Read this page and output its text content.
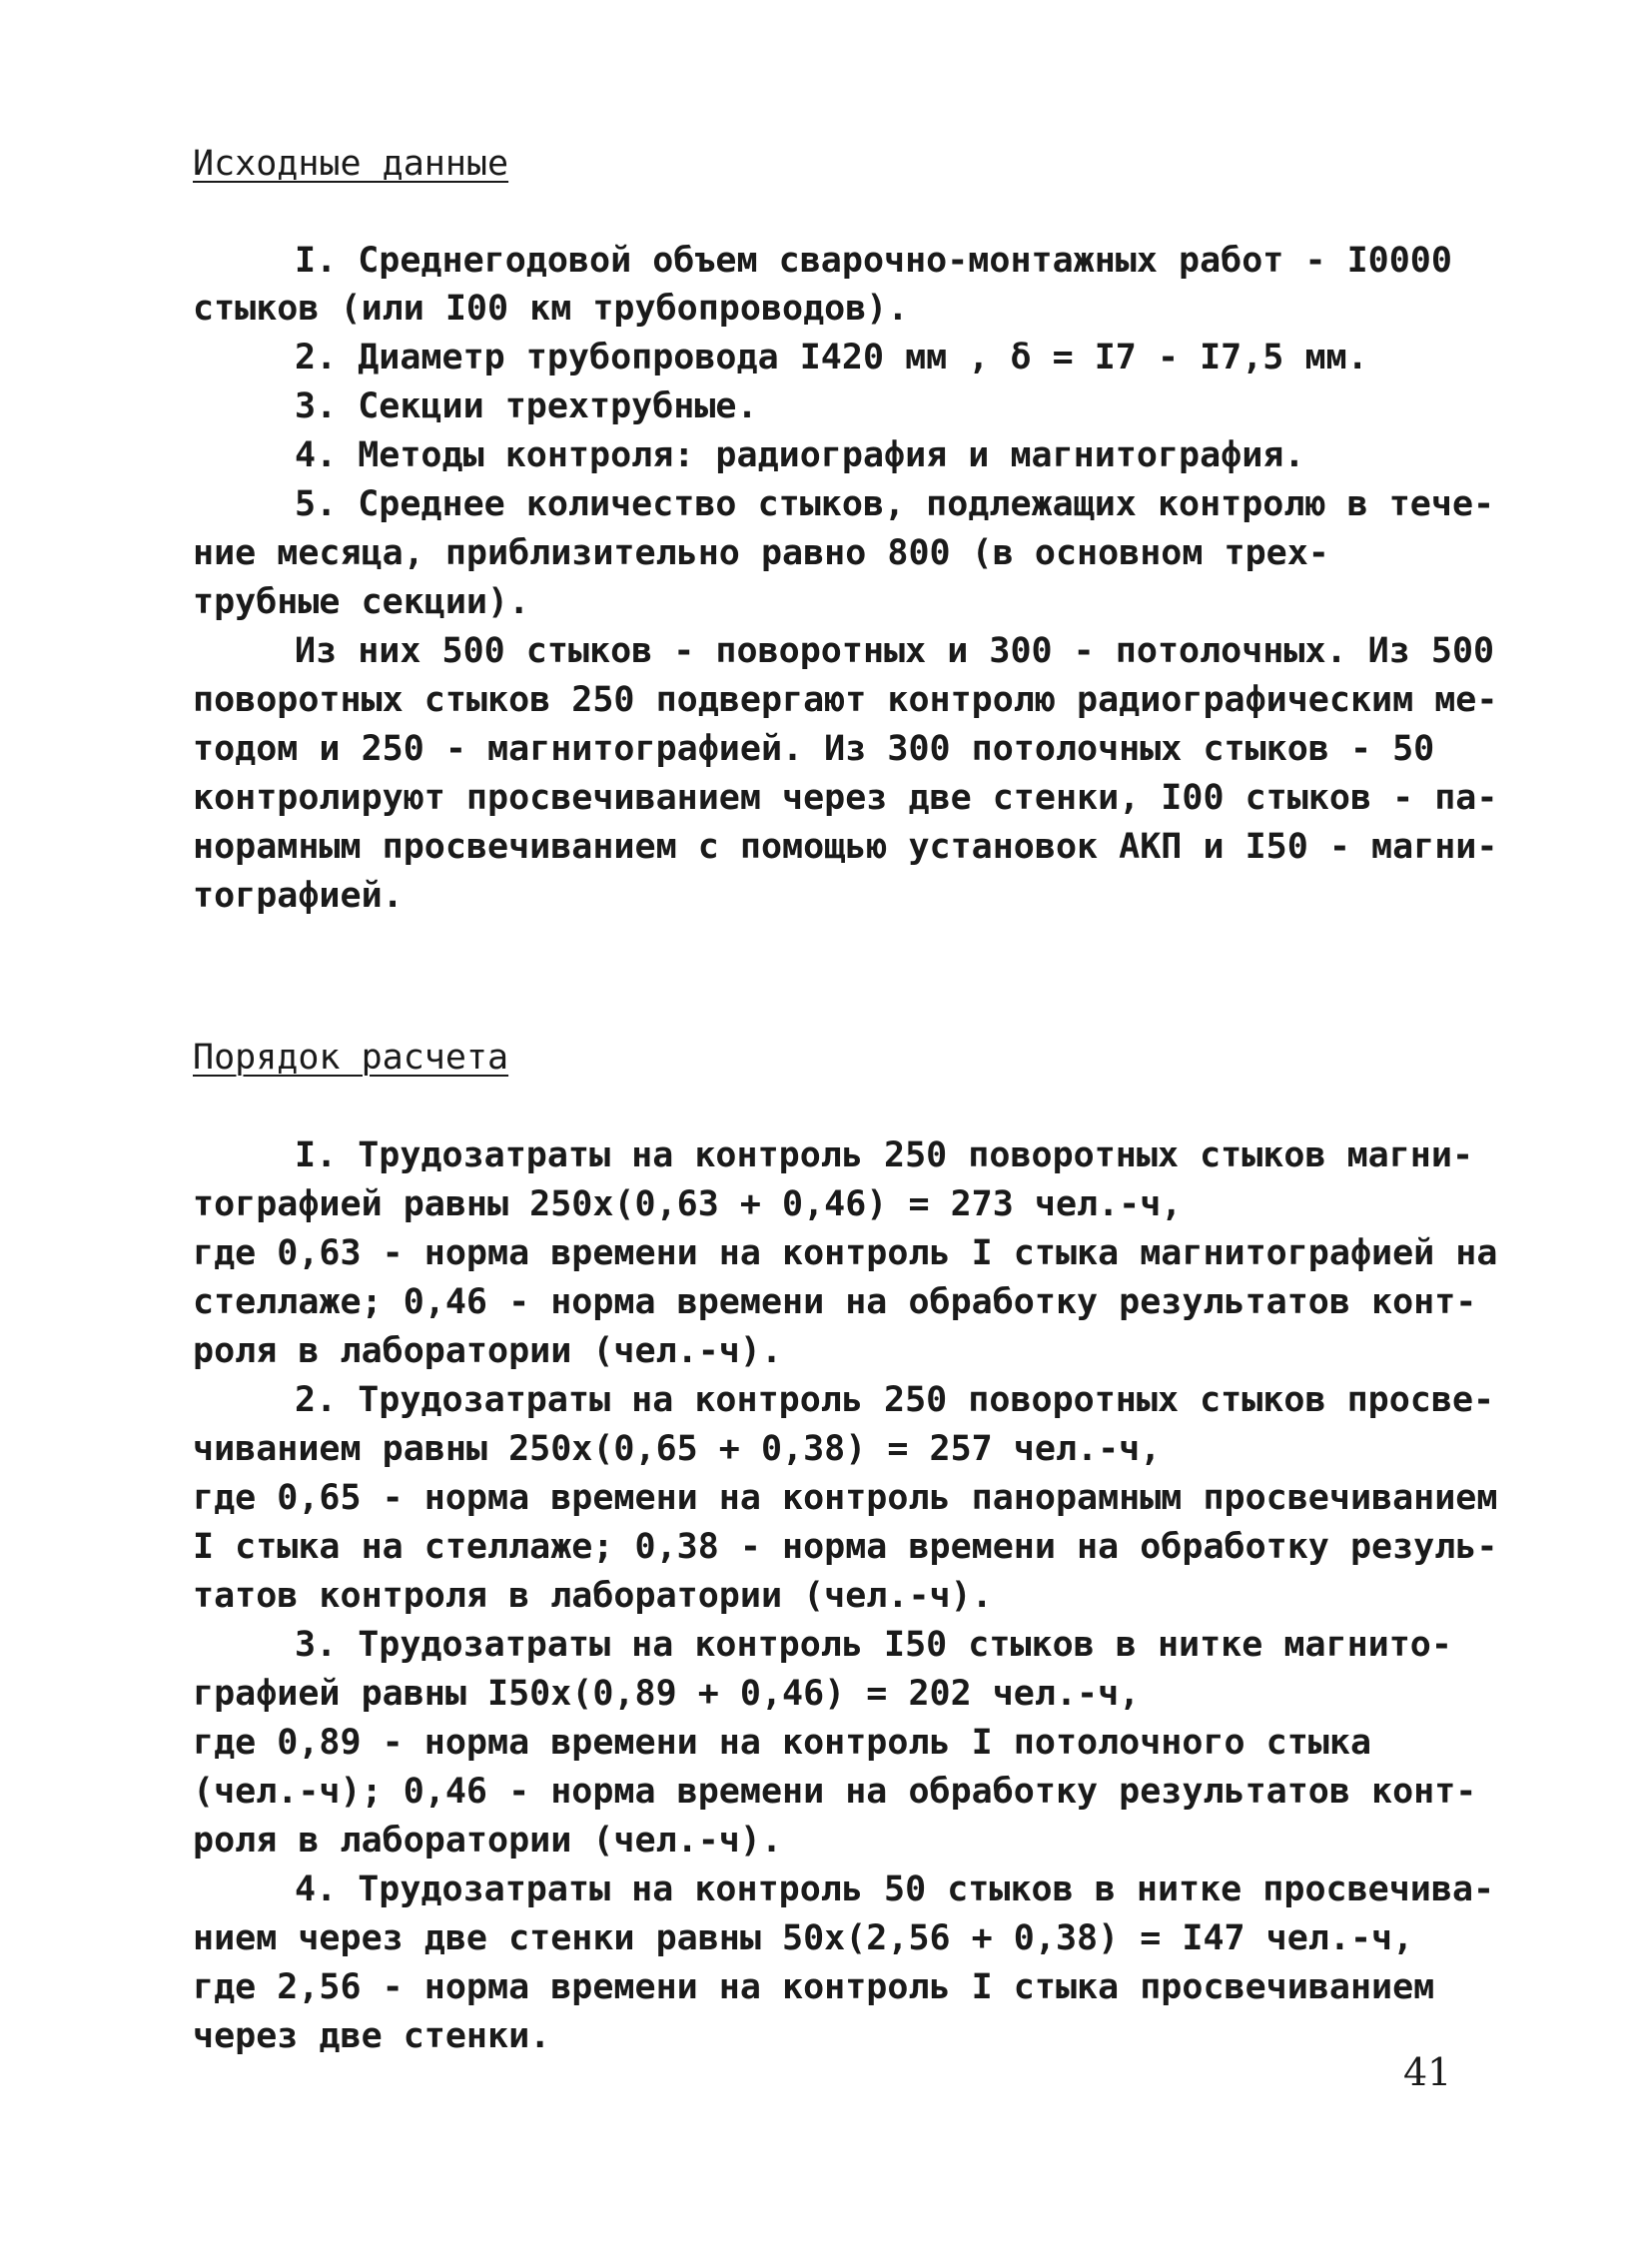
Исходные данные
I. Среднегодовой объем сварочно-монтажных работ - I0000
стыков (или I00 км трубопроводов).
2. Диаметр трубопровода I420 мм , δ = I7 - I7,5 мм.
3. Секции трехтрубные.
4. Методы контроля: радиография и магнитография.
5. Среднее количество стыков, подлежащих контролю в тече-
ние месяца, приблизительно равно 800 (в основном трех-
трубные секции).
Из них 500 стыков - поворотных и 300 - потолочных. Из 500
поворотных стыков 250 подвергают контролю радиографическим ме-
тодом и 250 - магнитографией. Из 300 потолочных стыков - 50
контролируют просвечиванием через две стенки, I00 стыков - па-
норамным просвечиванием с помощью установок АКП и I50 - магни-
тографией.
Порядок расчета
I. Трудозатраты на контроль 250 поворотных стыков магни-
тографией равны 250х(0,63 + 0,46) = 273 чел.-ч,
где 0,63 - норма времени на контроль I стыка магнитографией на
стеллаже; 0,46 - норма времени на обработку результатов конт-
роля в лаборатории (чел.-ч).
2. Трудозатраты на контроль 250 поворотных стыков просве-
чиванием равны 250х(0,65 + 0,38) = 257 чел.-ч,
где 0,65 - норма времени на контроль панорамным просвечиванием
I стыка на стеллаже; 0,38 - норма времени на обработку резуль-
татов контроля в лаборатории (чел.-ч).
3. Трудозатраты на контроль I50 стыков в нитке магнито-
графией равны I50х(0,89 + 0,46) = 202 чел.-ч,
где 0,89 - норма времени на контроль I потолочного стыка
(чел.-ч); 0,46 - норма времени на обработку результатов конт-
роля в лаборатории (чел.-ч).
4. Трудозатраты на контроль 50 стыков в нитке просвечива-
нием через две стенки равны 50х(2,56 + 0,38) = I47 чел.-ч,
где 2,56 - норма времени на контроль I стыка просвечиванием
через две стенки.
41
